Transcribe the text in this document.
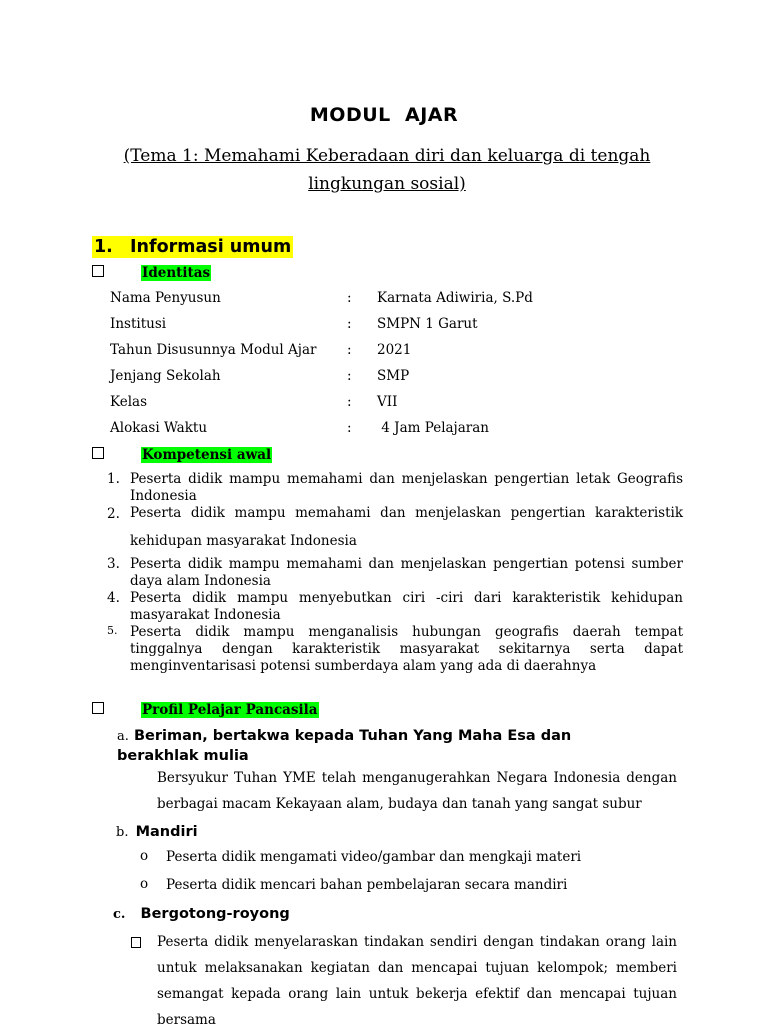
MODUL  AJAR
(Tema 1: Memahami Keberadaan diri dan keluarga di tengah lingkungan sosial)
1. Informasi umum
Identitas
Nama Penyusun	: Karnata Adiwiria, S.Pd
Institusi	: SMPN 1 Garut
Tahun Disusunnya Modul Ajar : 2021
Jenjang Sekolah	: SMP
Kelas	: VII
Alokasi Waktu	: 4 Jam Pelajaran
Kompetensi awal
1. Peserta didik mampu memahami dan menjelaskan pengertian letak Geografis Indonesia
2. Peserta didik mampu memahami dan menjelaskan pengertian karakteristik kehidupan masyarakat Indonesia
3. Peserta didik mampu memahami dan menjelaskan pengertian potensi sumber daya alam Indonesia
4. Peserta didik mampu menyebutkan ciri -ciri dari karakteristik kehidupan masyarakat Indonesia
5. Peserta didik mampu menganalisis hubungan geografis daerah tempat tinggalnya dengan karakteristik masyarakat sekitarnya serta dapat menginventarisasi potensi sumberdaya alam yang ada di daerahnya
Profil Pelajar Pancasila
a. Beriman, bertakwa kepada Tuhan Yang Maha Esa dan berakhlak mulia
Bersyukur Tuhan YME telah menganugerahkan Negara Indonesia dengan berbagai macam Kekayaan alam, budaya dan tanah yang sangat subur
b. Mandiri
o Peserta didik mengamati video/gambar dan mengkaji materi
o Peserta didik mencari bahan pembelajaran secara mandiri
c. Bergotong-royong
Peserta didik menyelaraskan tindakan sendiri dengan tindakan orang lain untuk melaksanakan kegiatan dan mencapai tujuan kelompok; memberi semangat kepada orang lain untuk bekerja efektif dan mencapai tujuan bersama
